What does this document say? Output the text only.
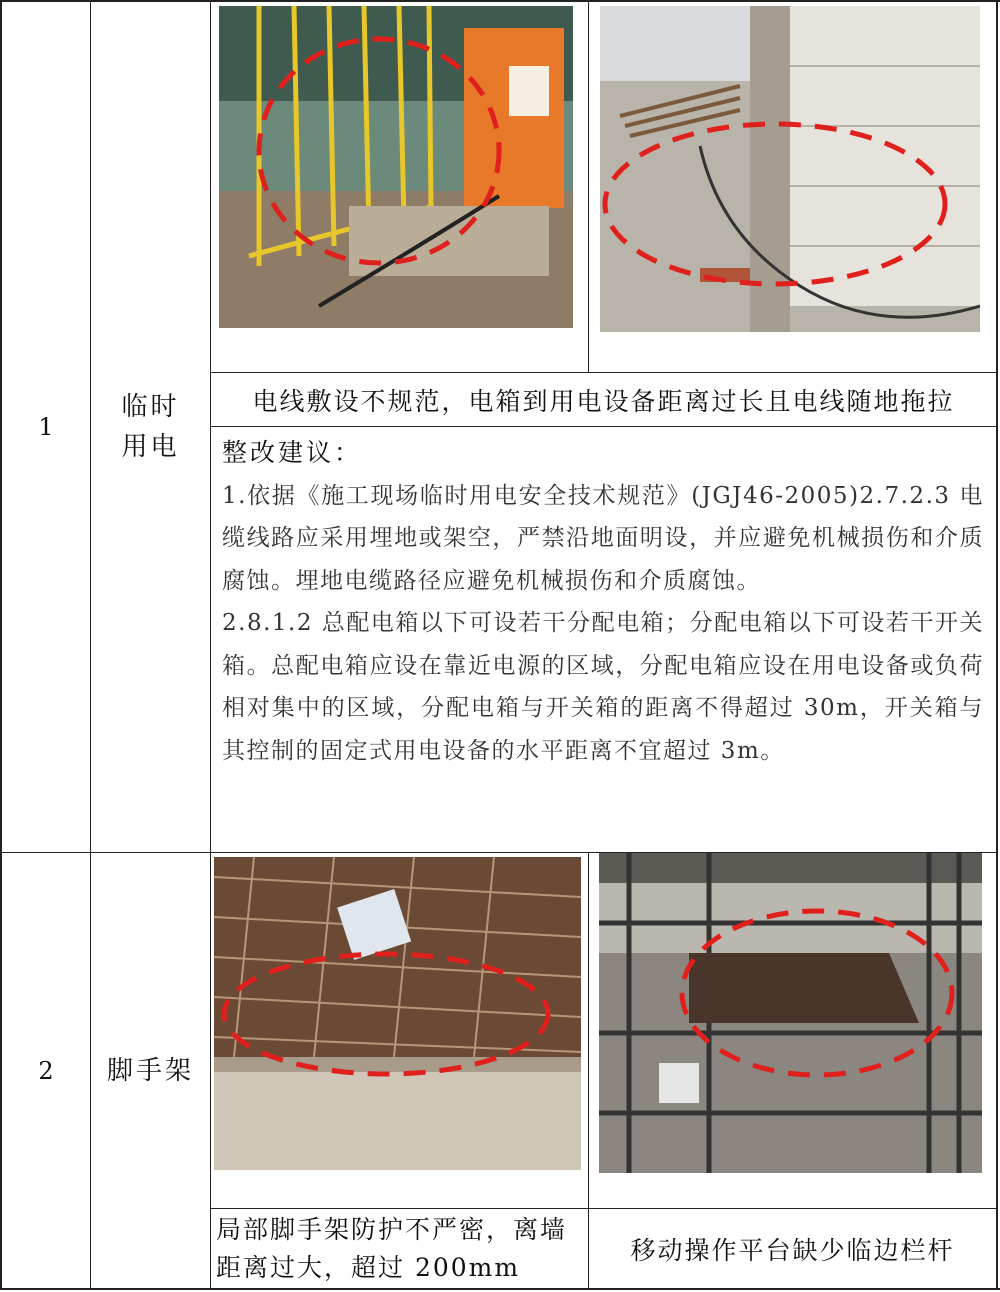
1
临时
用电
电线敷设不规范，电箱到用电设备距离过长且电线随地拖拉
整改建议：

1.依据《施工现场临时用电安全技术规范》(JGJ46-2005)2.7.2.3 电缆线路应采用埋地或架空，严禁沿地面明设，并应避免机械损伤和介质腐蚀。埋地电缆路径应避免机械损伤和介质腐蚀。

2.8.1.2 总配电箱以下可设若干分配电箱；分配电箱以下可设若干开关箱。总配电箱应设在靠近电源的区域，分配电箱应设在用电设备或负荷相对集中的区域，分配电箱与开关箱的距离不得超过 30m，开关箱与其控制的固定式用电设备的水平距离不宜超过 3m。

2	脚手架
局部脚手架防护不严密，离墙距离过大，超过 200mm
移动操作平台缺少临边栏杆
